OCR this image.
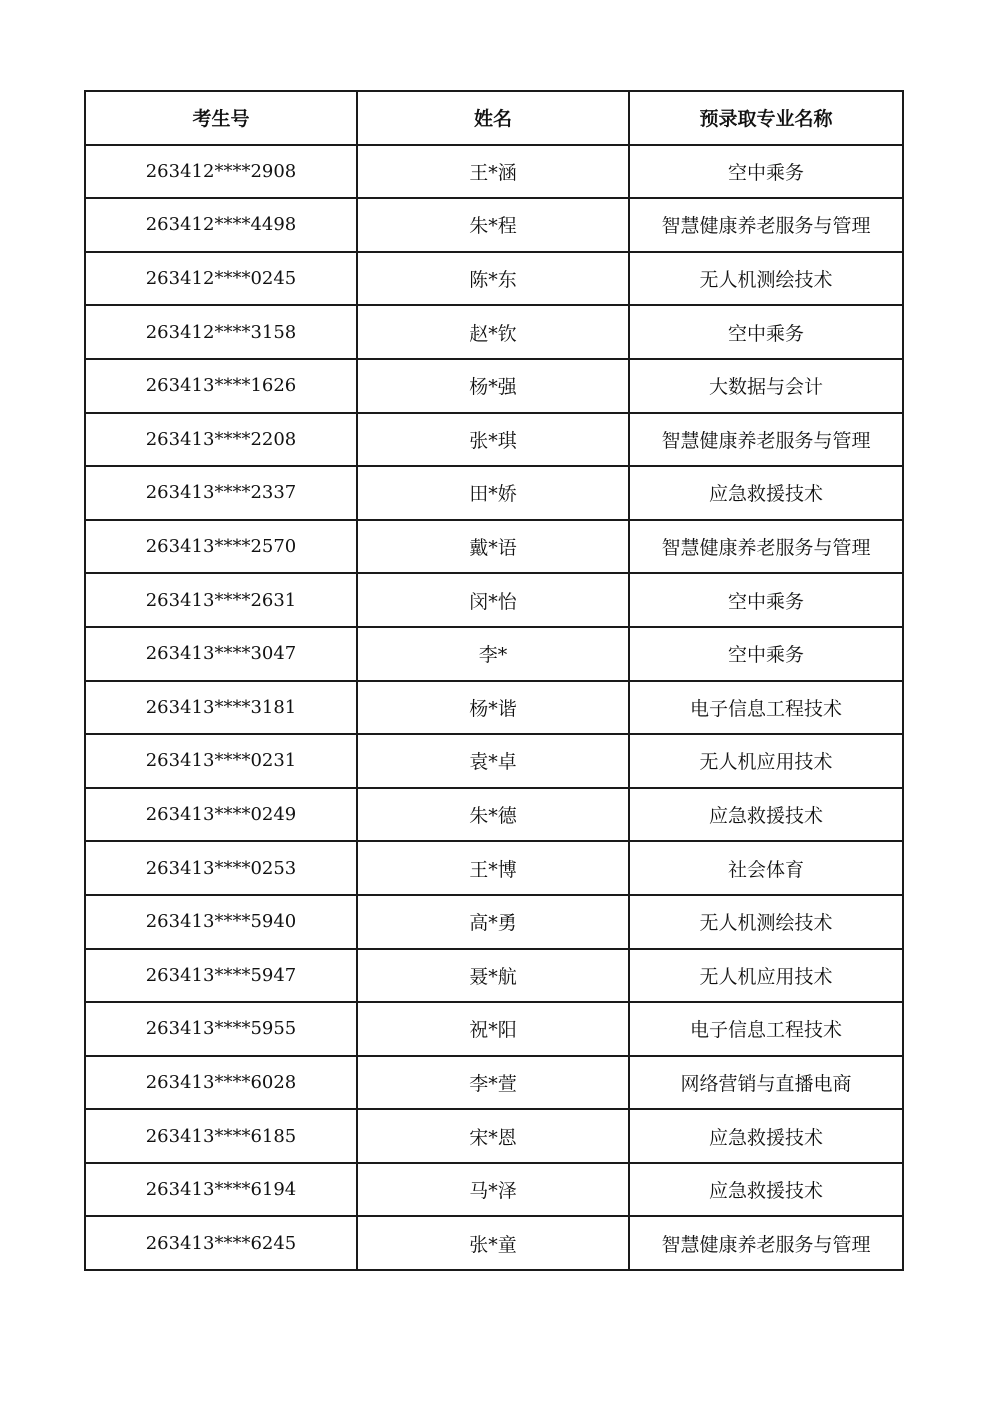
考生号	姓名	预录取专业名称
263412****2908	王*涵	空中乘务
263412****4498	朱*程	智慧健康养老服务与管理
263412****0245	陈*东	无人机测绘技术
263412****3158	赵*钦	空中乘务
263413****1626	杨*强	大数据与会计
263413****2208	张*琪	智慧健康养老服务与管理
263413****2337	田*娇	应急救援技术
263413****2570	戴*语	智慧健康养老服务与管理
263413****2631	闵*怡	空中乘务
263413****3047	李*	空中乘务
263413****3181	杨*谐	电子信息工程技术
263413****0231	袁*卓	无人机应用技术
263413****0249	朱*德	应急救援技术
263413****0253	王*博	社会体育
263413****5940	高*勇	无人机测绘技术
263413****5947	聂*航	无人机应用技术
263413****5955	祝*阳	电子信息工程技术
263413****6028	李*萱	网络营销与直播电商
263413****6185	宋*恩	应急救援技术
263413****6194	马*泽	应急救援技术
263413****6245	张*童	智慧健康养老服务与管理
